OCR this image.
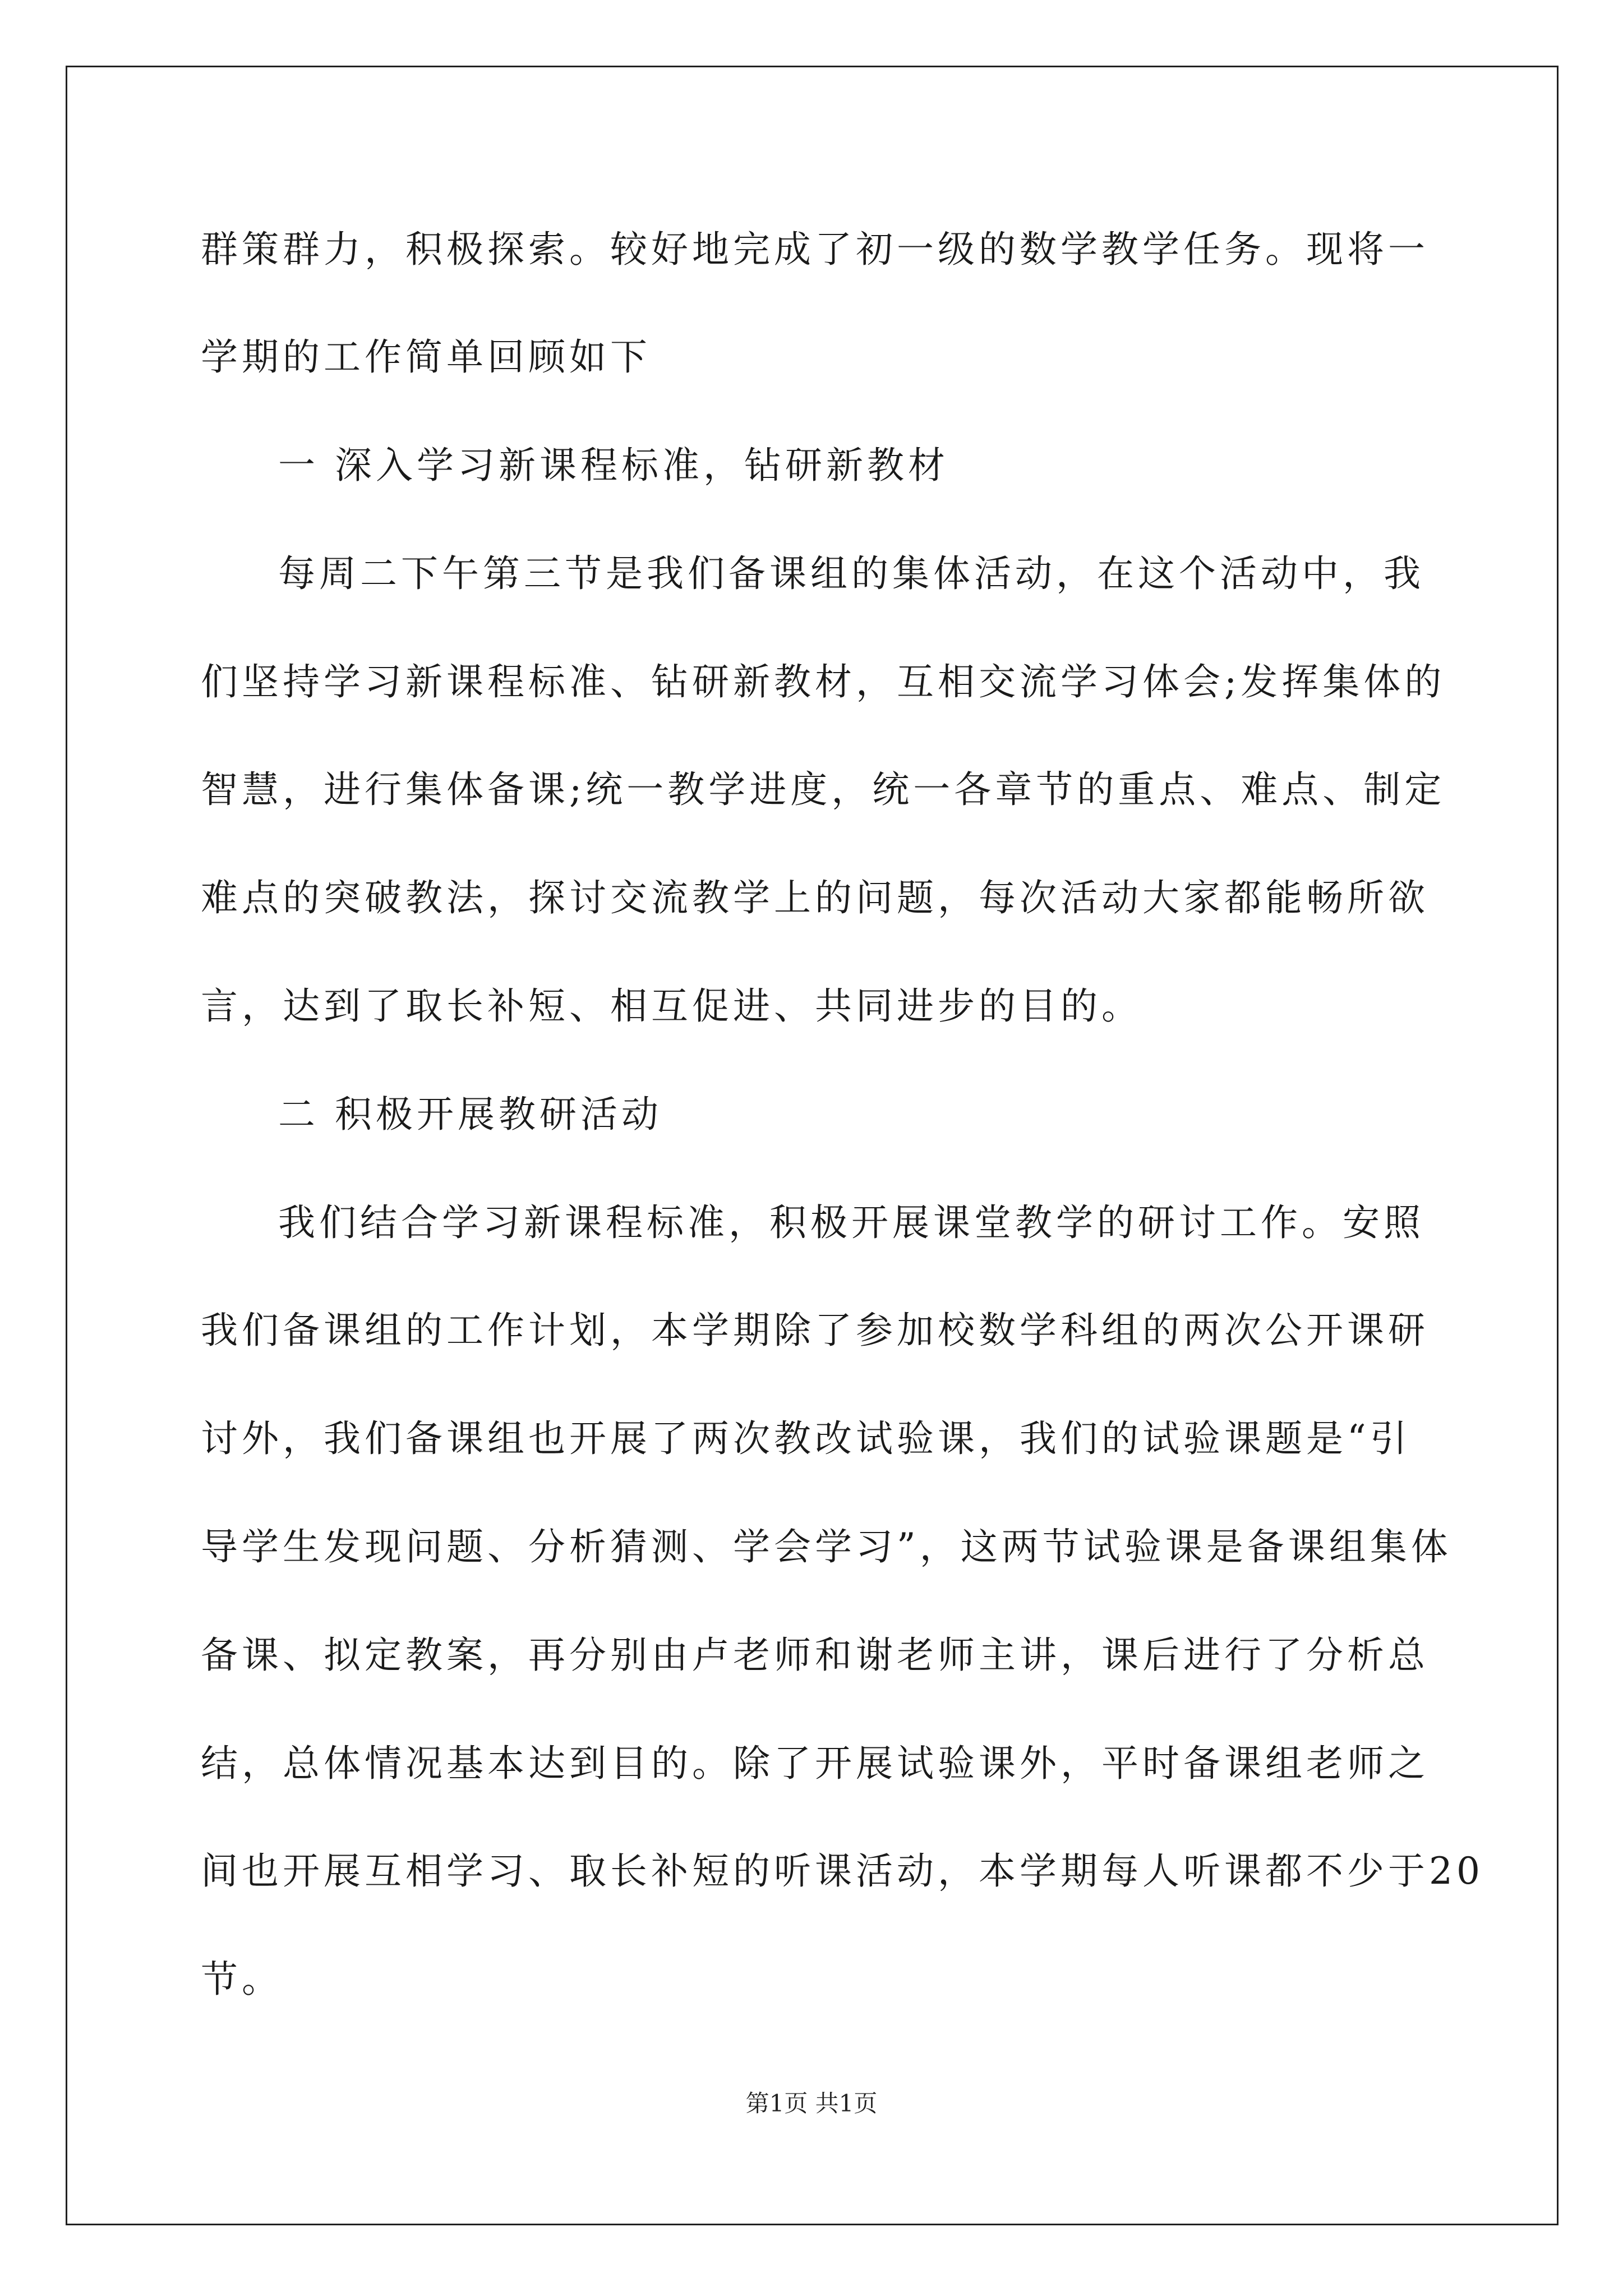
群策群力，积极探索。较好地完成了初一级的数学教学任务。现将一
学期的工作简单回顾如下
一 深入学习新课程标准，钻研新教材
每周二下午第三节是我们备课组的集体活动，在这个活动中，我
们坚持学习新课程标准、钻研新教材，互相交流学习体会;发挥集体的
智慧，进行集体备课;统一教学进度，统一各章节的重点、难点、制定
难点的突破教法，探讨交流教学上的问题，每次活动大家都能畅所欲
言，达到了取长补短、相互促进、共同进步的目的。
二 积极开展教研活动
我们结合学习新课程标准，积极开展课堂教学的研讨工作。安照
我们备课组的工作计划，本学期除了参加校数学科组的两次公开课研
讨外，我们备课组也开展了两次教改试验课，我们的试验课题是“引
导学生发现问题、分析猜测、学会学习”，这两节试验课是备课组集体
备课、拟定教案，再分别由卢老师和谢老师主讲，课后进行了分析总
结，总体情况基本达到目的。除了开展试验课外，平时备课组老师之
间也开展互相学习、取长补短的听课活动，本学期每人听课都不少于20
节。
第1页 共1页
